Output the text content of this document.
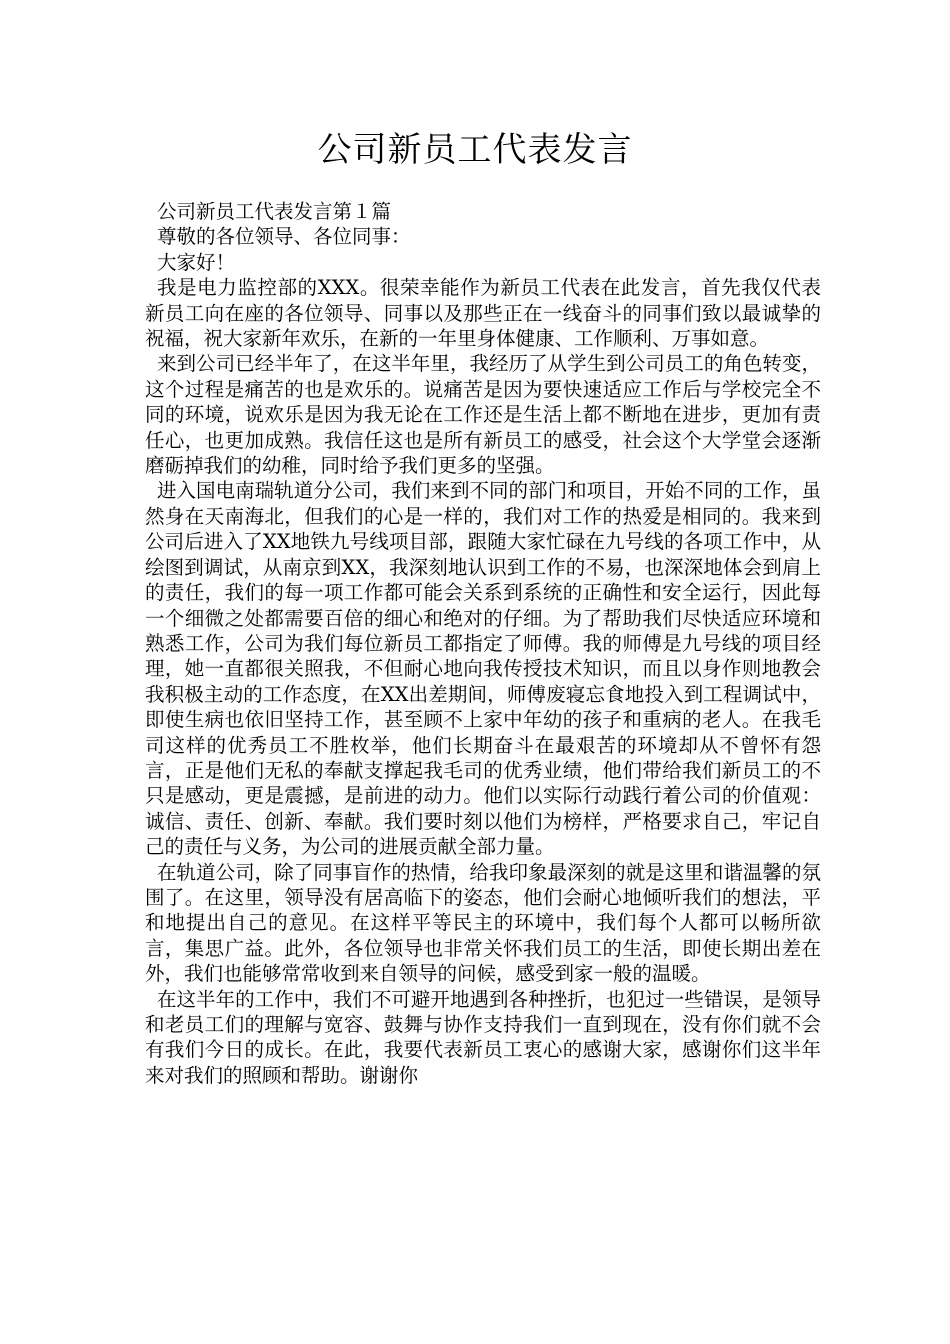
公司新员工代表发言
公司新员工代表发言第１篇
尊敬的各位领导、各位同事：
大家好！

我是电力监控部的XXX。很荣幸能作为新员工代表在此发言，首先我仅代表新员工向在座的各位领导、同事以及那些正在一线奋斗的同事们致以最诚挚的祝福，祝大家新年欢乐，在新的一年里身体健康、工作顺利、万事如意。

来到公司已经半年了，在这半年里，我经历了从学生到公司员工的角色转变，这个过程是痛苦的也是欢乐的。说痛苦是因为要快速适应工作后与学校完全不同的环境，说欢乐是因为我无论在工作还是生活上都不断地在进步，更加有责任心，也更加成熟。我信任这也是所有新员工的感受，社会这个大学堂会逐渐磨砺掉我们的幼稚，同时给予我们更多的坚强。

进入国电南瑞轨道分公司，我们来到不同的部门和项目，开始不同的工作，虽然身在天南海北，但我们的心是一样的，我们对工作的热爱是相同的。我来到公司后进入了XX地铁九号线项目部，跟随大家忙碌在九号线的各项工作中，从绘图到调试，从南京到XX，我深刻地认识到工作的不易，也深深地体会到肩上的责任，我们的每一项工作都可能会关系到系统的正确性和安全运行，因此每一个细微之处都需要百倍的细心和绝对的仔细。为了帮助我们尽快适应环境和熟悉工作，公司为我们每位新员工都指定了师傅。我的师傅是九号线的项目经理，她一直都很关照我，不但耐心地向我传授技术知识，而且以身作则地教会我积极主动的工作态度，在XX出差期间，师傅废寝忘食地投入到工程调试中，即使生病也依旧坚持工作，甚至顾不上家中年幼的孩子和重病的老人。在我毛司这样的优秀员工不胜枚举，他们长期奋斗在最艰苦的环境却从不曾怀有怨言，正是他们无私的奉献支撑起我毛司的优秀业绩，他们带给我们新员工的不只是感动，更是震撼，是前进的动力。他们以实际行动践行着公司的价值观：诚信、责任、创新、奉献。我们要时刻以他们为榜样，严格要求自己，牢记自己的责任与义务，为公司的进展贡献全部力量。

在轨道公司，除了同事盲作的热情，给我印象最深刻的就是这里和谐温馨的氛围了。在这里，领导没有居高临下的姿态，他们会耐心地倾听我们的想法，平和地提出自己的意见。在这样平等民主的环境中，我们每个人都可以畅所欲言，集思广益。此外，各位领导也非常关怀我们员工的生活，即使长期出差在外，我们也能够常常收到来自领导的问候，感受到家一般的温暖。

在这半年的工作中，我们不可避开地遇到各种挫折，也犯过一些错误，是领导和老员工们的理解与宽容、鼓舞与协作支持我们一直到现在，没有你们就不会有我们今日的成长。在此，我要代表新员工衷心的感谢大家，感谢你们这半年来对我们的照顾和帮助。谢谢你
